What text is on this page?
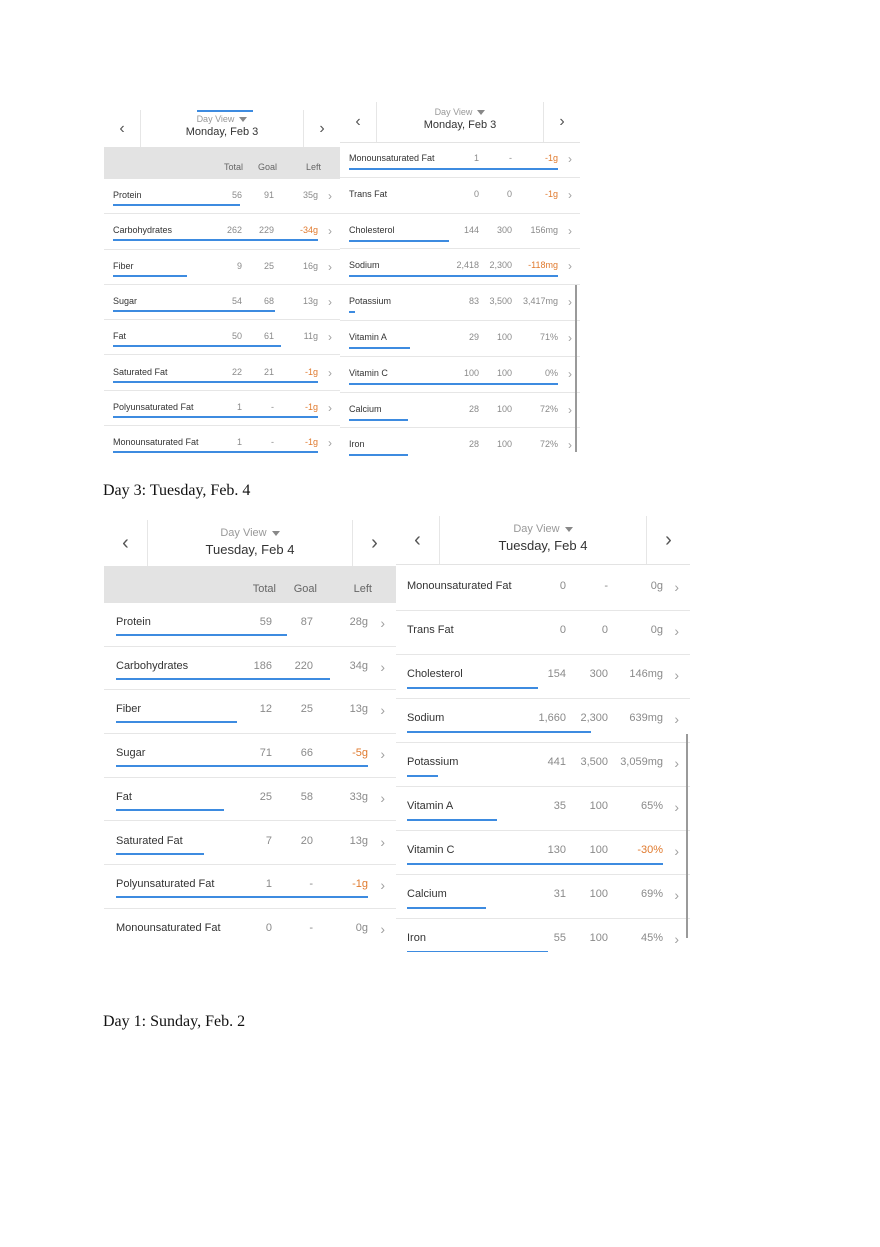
‹
Day View
Monday, Feb 3	›
Total Goal	Left
Protein	56 91	35g ›
Carbohydrates	262 229	-34g ›
Fiber	9 25	16g ›
Sugar	54 68	13g ›
Fat	50 61	11g ›
Saturated Fat	22 21	-1g ›
Polyunsaturated Fat	1	-	-1g ›
Monounsaturated Fat	1	-	-1g ›
‹
Day View
Monday, Feb 3	›
Monounsaturated Fat	1	-	-1g ›
Trans Fat	0	0	-1g ›
Cholesterol	144 300 156mg ›
Sodium	2,418 2,300 -118mg ›
Potassium	83 3,500 3,417mg ›
Vitamin A	29 100	71% ›
Vitamin C	100 100	0% ›
Calcium	28 100	72% ›
Iron	28 100	72% ›
Day 3: Tuesday, Feb. 4
‹	Day View
Tuesday, Feb 4	›
Total Goal	Left
Protein	59	87	28g ›
Carbohydrates	186 220	34g ›
Fiber	12	25	13g ›
Sugar	71	66	-5g ›
Fat	25	58	33g ›
Saturated Fat	7	20	13g ›
Polyunsaturated Fat	1	-	-1g ›
Monounsaturated Fat	0	-	0g ›
‹	Day View
Tuesday, Feb 4	›
Monounsaturated Fat	0	-	0g ›
Trans Fat	0	0	0g ›
Cholesterol	154 300 146mg ›
Sodium	1,660 2,300 639mg ›
Potassium	441 3,500 3,059mg ›
Vitamin A	35 100	65% ›
Vitamin C	130 100	-30% ›
Calcium	31 100	69% ›
Iron	55 100	45% ›
Day 1: Sunday, Feb. 2
